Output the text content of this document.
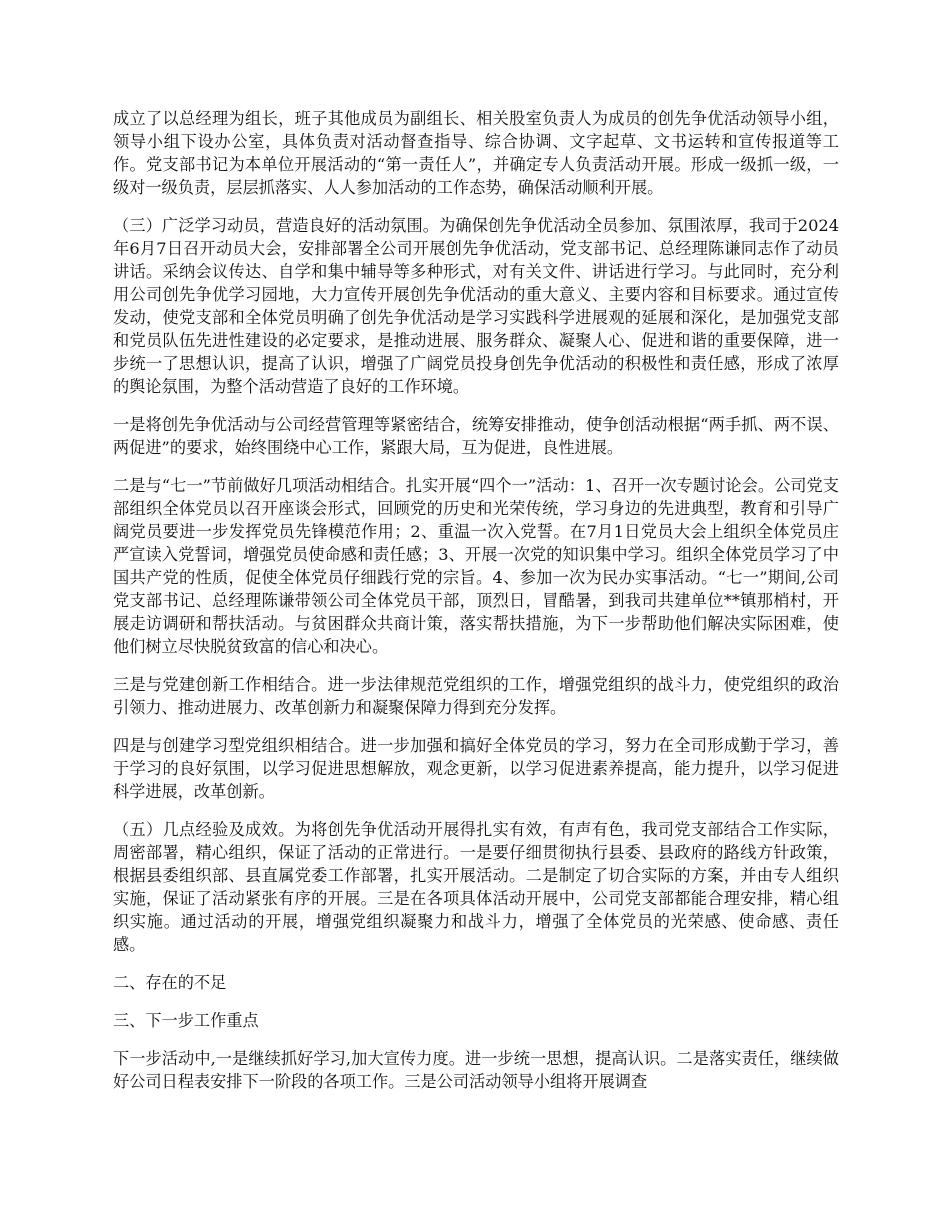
成立了以总经理为组长，班子其他成员为副组长、相关股室负责人为成员的创先争优活动领导小组，领导小组下设办公室，具体负责对活动督查指导、综合协调、文字起草、文书运转和宣传报道等工作。党支部书记为本单位开展活动的“第一责任人”，并确定专人负责活动开展。形成一级抓一级，一级对一级负责，层层抓落实、人人参加活动的工作态势，确保活动顺利开展。

（三）广泛学习动员，营造良好的活动氛围。为确保创先争优活动全员参加、氛围浓厚，我司于2024年6月7日召开动员大会，安排部署全公司开展创先争优活动，党支部书记、总经理陈谦同志作了动员讲话。采纳会议传达、自学和集中辅导等多种形式，对有关文件、讲话进行学习。与此同时，充分利用公司创先争优学习园地，大力宣传开展创先争优活动的重大意义、主要内容和目标要求。通过宣传发动，使党支部和全体党员明确了创先争优活动是学习实践科学进展观的延展和深化，是加强党支部和党员队伍先进性建设的必定要求，是推动进展、服务群众、凝聚人心、促进和谐的重要保障，进一步统一了思想认识，提高了认识，增强了广阔党员投身创先争优活动的积极性和责任感，形成了浓厚的舆论氛围，为整个活动营造了良好的工作环境。

一是将创先争优活动与公司经营管理等紧密结合，统筹安排推动，使争创活动根据“两手抓、两不误、两促进”的要求，始终围绕中心工作，紧跟大局，互为促进，良性进展。

二是与“七一”节前做好几项活动相结合。扎实开展“四个一”活动：1、召开一次专题讨论会。公司党支部组织全体党员以召开座谈会形式，回顾党的历史和光荣传统，学习身边的先进典型，教育和引导广阔党员要进一步发挥党员先锋模范作用；2、重温一次入党誓。在7月1日党员大会上组织全体党员庄严宣读入党誓词，增强党员使命感和责任感；3、开展一次党的知识集中学习。组织全体党员学习了中国共产党的性质，促使全体党员仔细践行党的宗旨。4、参加一次为民办实事活动。“七一”期间,公司党支部书记、总经理陈谦带领公司全体党员干部，顶烈日，冒酷暑，到我司共建单位**镇那梢村，开展走访调研和帮扶活动。与贫困群众共商计策，落实帮扶措施，为下一步帮助他们解决实际困难，使他们树立尽快脱贫致富的信心和决心。

三是与党建创新工作相结合。进一步法律规范党组织的工作，增强党组织的战斗力，使党组织的政治引领力、推动进展力、改革创新力和凝聚保障力得到充分发挥。

四是与创建学习型党组织相结合。进一步加强和搞好全体党员的学习，努力在全司形成勤于学习，善于学习的良好氛围，以学习促进思想解放，观念更新，以学习促进素养提高，能力提升，以学习促进科学进展，改革创新。

（五）几点经验及成效。为将创先争优活动开展得扎实有效，有声有色，我司党支部结合工作实际，周密部署，精心组织，保证了活动的正常进行。一是要仔细贯彻执行县委、县政府的路线方针政策，根据县委组织部、县直属党委工作部署，扎实开展活动。二是制定了切合实际的方案，并由专人组织实施，保证了活动紧张有序的开展。三是在各项具体活动开展中，公司党支部都能合理安排，精心组织实施。通过活动的开展，增强党组织凝聚力和战斗力，增强了全体党员的光荣感、使命感、责任感。

二、存在的不足

三、下一步工作重点

下一步活动中,一是继续抓好学习,加大宣传力度。进一步统一思想，提高认识。二是落实责任，继续做好公司日程表安排下一阶段的各项工作。三是公司活动领导小组将开展调查
